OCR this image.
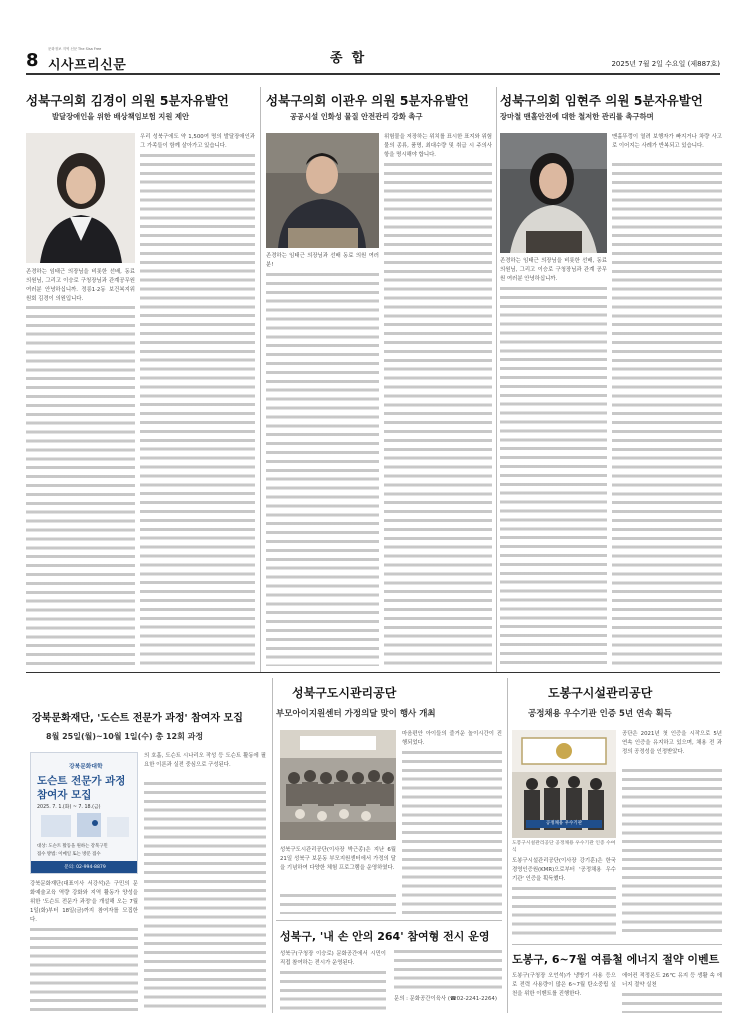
8
문화정보 지역 신문 The Sisa Free
시사프리신문	종  합	2025년 7월 2일 수요일 (제887호)
성북구의회 김경이 의원 5분자유발언
발달장애인을 위한 배상책임보험 지원 제안
우리 성북구에도 약 1,500여 명의 발달장애인과 그 가족들이 함께 살아가고 있습니다.
존경하는 임태근 의장님을 비롯한 선배, 동료 의원님, 그리고 이승로 구청장님과 관계공무원 여러분 안녕하십니까. 정릉1·2동 보건복지위원회 김경이 의원입니다.
성북구의회 이관우 의원 5분자유발언
공공시설 인화성 물질 안전관리 강화 촉구
존경하는 임태근 의장님과 선배 동료 의원 여러분!
위험물을 저장하는 위치를 표시한 표지와 위험물의 종류, 품명, 최대수량 및 취급 시 주의사항을 명시해야 합니다.
성북구의회 임현주 의원 5분자유발언
장마철 맨홀안전에 대한 철저한 관리를 촉구하며
존경하는 임태근 의장님을 비롯한 선배, 동료 의원님, 그리고 이승로 구청장님과 관계 공무원 여러분 안녕하십니까.
맨홀뚜껑이 열려 보행자가 빠지거나 차량 사고로 이어지는 사례가 반복되고 있습니다.
강북문화재단, '도슨트 전문가 과정' 참여자 모집
8월 25일(월)~10월 1일(수) 총 12회 과정
강북문화대학
도슨트 전문가 과정
참여자 모집
2025. 7. 1.(화) ~ 7. 18.(금)
대상: 도슨트 활동을 원하는 강북구민
접수 방법: 이메일 또는 방문 접수
문의: 02-994-8879
강북문화재단(대표이사 서강석)은 구민의 문화예술교육 역량 강화와 지역 활동가 양성을 위한 '도슨트 전문가 과정'을 개설해 오는 7월 1일(화)부터 18일(금)까지 참여자를 모집한다.
의 호흡, 도슨트 시나리오 작성 등 도슨트 활동에 필요한 이론과 실전 중심으로 구성된다.
성북구도시관리공단
부모아이지원센터 가정의달 맞이 행사 개최
성북구도시관리공단(이사장 박근종)은 지난 6월 21일 성북구 보문동 부모지원센터에서 가정의 달을 기념하여 다양한 체험 프로그램을 운영하였다.
마음편안 아이들의 즐거운 놀이시간이 진행되었다.
성북구, '내 손 안의 264' 참여형 전시 운영
성북구(구청장 이승로) 문화공간에서 시민이 직접 참여하는 전시가 운영된다.
문의 : 문화공간이육사 (☎02-2241-2264)
도봉구시설관리공단
공정채용 우수기관 인증 5년 연속 획득
공정채용 우수기관
도봉구시설관리공단 공정채용 우수기관 인증 수여식
도봉구시설관리공단(이사장 강기훈)은 한국경영인증원(KMR)으로부터 '공정채용 우수기관' 인증을 획득했다.
공단은 2021년 첫 인증을 시작으로 5년 연속 인증을 유지하고 있으며, 채용 전 과정의 공정성을 인정받았다.
도봉구, 6~7월 여름철 에너지 절약 이벤트
도봉구(구청장 오언석)가 냉방기 사용 등으로 전력 사용량이 많은 6~7월 탄소중립 실천을 위한 이벤트를 진행한다.
에어컨 적정온도 26℃ 유지 등 생활 속 에너지 절약 실천
